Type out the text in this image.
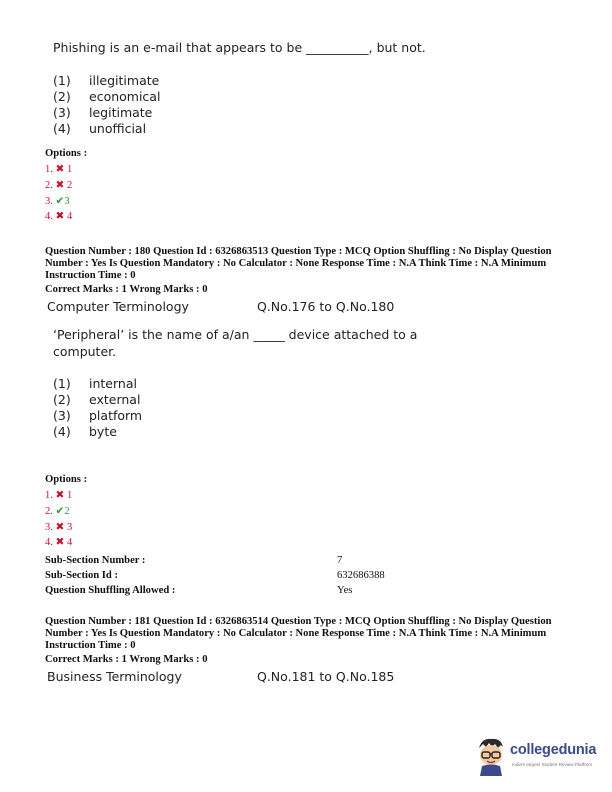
Phishing is an e-mail that appears to be __________, but not.
(1)	illegitimate
(2)	economical
(3)	legitimate
(4)	unofficial
Options :
1. ✖ 1
2. ✖ 2
3. ✔3
4. ✖ 4
Question Number : 180 Question Id : 6326863513 Question Type : MCQ Option Shuffling : No Display Question
Number : Yes Is Question Mandatory : No Calculator : None Response Time : N.A Think Time : N.A Minimum
Instruction Time : 0
Correct Marks : 1 Wrong Marks : 0
Computer Terminology	Q.No.176 to Q.No.180
‘Peripheral’ is the name of a/an _____ device attached to a
computer.
(1)	internal
(2)	external
(3)	platform
(4)	byte
Options :
1. ✖ 1
2. ✔2
3. ✖ 3
4. ✖ 4
Sub-Section Number :	7
Sub-Section Id :	632686388
Question Shuffling Allowed :	Yes
Question Number : 181 Question Id : 6326863514 Question Type : MCQ Option Shuffling : No Display Question
Number : Yes Is Question Mandatory : No Calculator : None Response Time : N.A Think Time : N.A Minimum
Instruction Time : 0
Correct Marks : 1 Wrong Marks : 0
Business Terminology	Q.No.181 to Q.No.185
collegedunia
India's largest Student Review Platform
